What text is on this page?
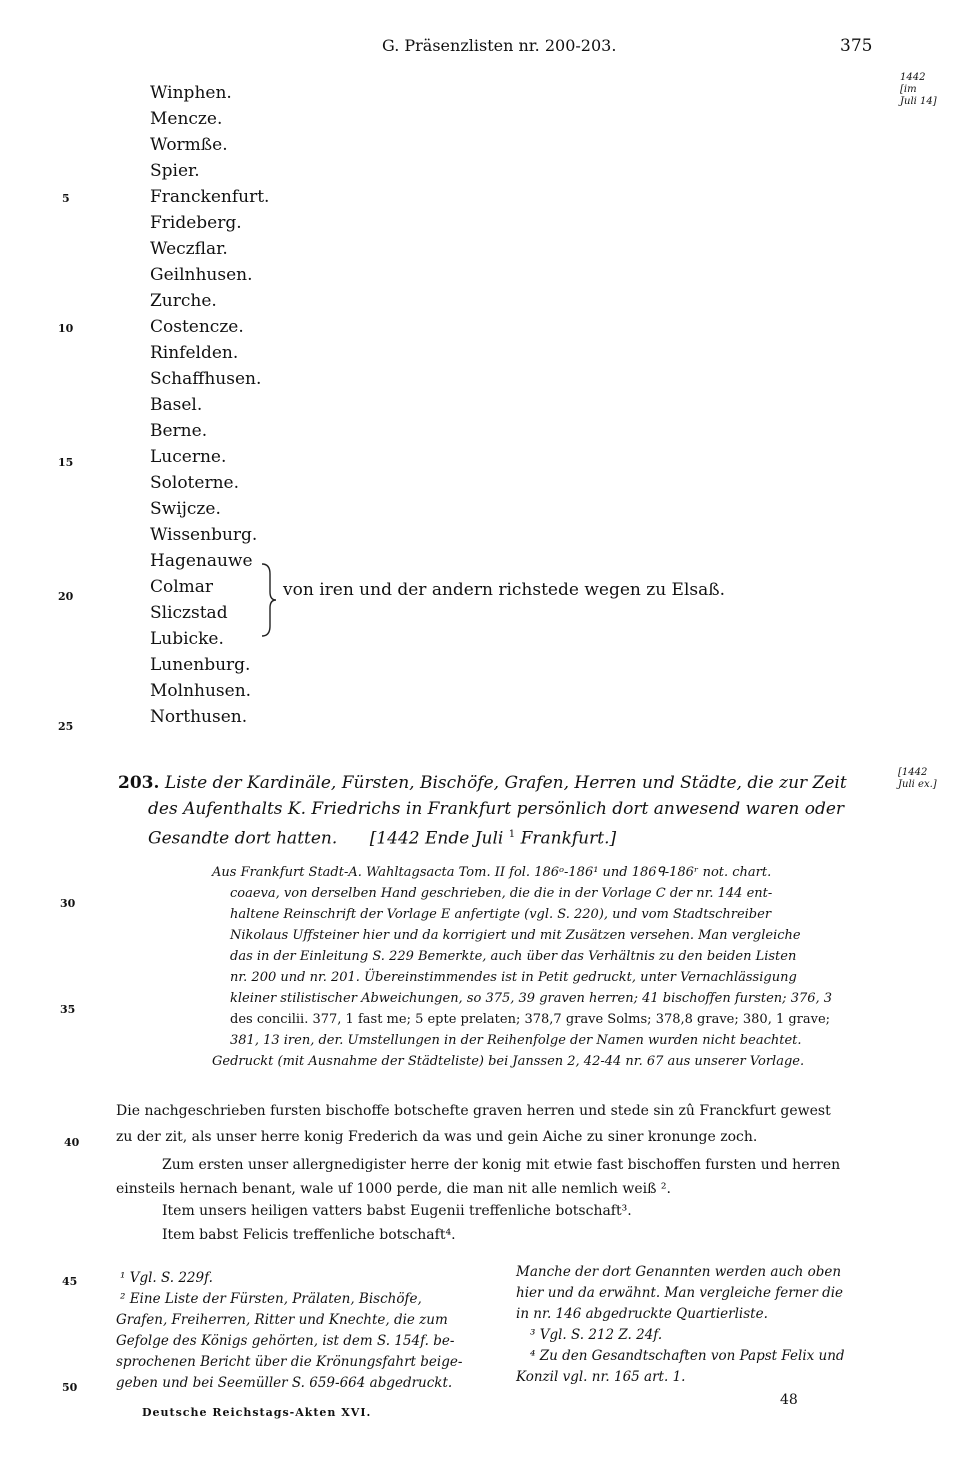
G. Präsenzlisten nr. 200-203.	375
1442
[im
Juli 14]
5
10
15
20
25
30
35
40
45
50
Winphen.
Mencze.
Wormße.
Spier.
Franckenfurt.
Frideberg.
Weczflar.
Geilnhusen.
Zurche.
Costencze.
Rinfelden.
Schaffhusen.
Basel.
Berne.
Lucerne.
Soloterne.
Swijcze.
Wissenburg.
Hagenauwe
Colmar
Sliczstad
Lubicke.
Lunenburg.
Molnhusen.
Northusen.
von iren und der andern richstede wegen zu Elsaß.
203. Liste der Kardinäle, Fürsten, Bischöfe, Grafen, Herren und Städte, die zur Zeit
des Aufenthalts K. Friedrichs in Frankfurt persönlich dort anwesend waren oder
Gesandte dort hatten. [1442 Ende Juli $^1$ Frankfurt.]
[1442
Juli ex.]
Aus Frankfurt Stadt-A. Wahltagsacta Tom. II fol. 186ᵒ-186¹ und 186ᑫ-186ʳ not. chart.
coaeva, von derselben Hand geschrieben, die die in der Vorlage C der nr. 144 ent-
haltene Reinschrift der Vorlage E anfertigte (vgl. S. 220), und vom Stadtschreiber
Nikolaus Uffsteiner hier und da korrigiert und mit Zusätzen versehen. Man vergleiche
das in der Einleitung S. 229 Bemerkte, auch über das Verhältnis zu den beiden Listen
nr. 200 und nr. 201. Übereinstimmendes ist in Petit gedruckt, unter Vernachlässigung
kleiner stilistischer Abweichungen, so 375, 39 graven herren; 41 bischoffen fursten; 376, 3
des concilii. 377, 1 fast me; 5 epte prelaten; 378,7 grave Solms; 378,8 grave; 380, 1 grave;
381, 13 iren, der. Umstellungen in der Reihenfolge der Namen wurden nicht beachtet.
Gedruckt (mit Ausnahme der Städteliste) bei Janssen 2, 42-44 nr. 67 aus unserer Vorlage.
Die nachgeschrieben fursten bischoffe botschefte graven herren und stede sin zû Franckfurt gewest
zu der zit, als unser herre konig Frederich da was und gein Aiche zu siner kronunge zoch.
Zum ersten unser allergnedigister herre der konig mit etwie fast bischoffen fursten und herren
einsteils hernach benant, wale uf 1000 perde, die man nit alle nemlich weiß ².
Item unsers heiligen vatters babst Eugenii treffenliche botschaft³.
Item babst Felicis treffenliche botschaft⁴.
¹ Vgl. S. 229f.
² Eine Liste der Fürsten, Prälaten, Bischöfe,
Grafen, Freiherren, Ritter und Knechte, die zum
Gefolge des Königs gehörten, ist dem S. 154f. be-
sprochenen Bericht über die Krönungsfahrt beige-
geben und bei Seemüller S. 659-664 abgedruckt.
Manche der dort Genannten werden auch oben
hier und da erwähnt. Man vergleiche ferner die
in nr. 146 abgedruckte Quartierliste.
³ Vgl. S. 212 Z. 24f.
⁴ Zu den Gesandtschaften von Papst Felix und
Konzil vgl. nr. 165 art. 1.
Deutsche Reichstags-Akten XVI.
48
